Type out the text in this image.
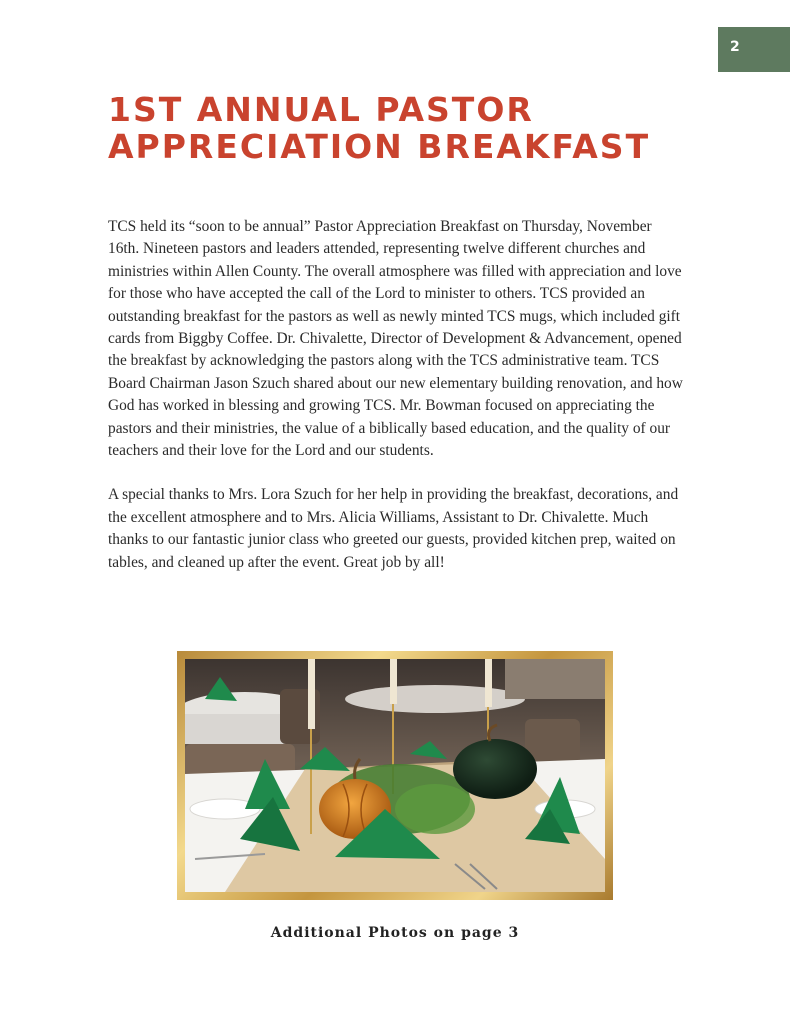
2
1ST ANNUAL PASTOR APPRECIATION BREAKFAST

TCS held its “soon to be annual” Pastor Appreciation Breakfast on Thursday, November 16th. Nineteen pastors and leaders attended, representing twelve different churches and ministries within Allen County. The overall atmosphere was filled with appreciation and love for those who have accepted the call of the Lord to minister to others. TCS provided an outstanding breakfast for the pastors as well as newly minted TCS mugs, which included gift cards from Biggby Coffee. Dr. Chivalette, Director of Development & Advancement, opened the breakfast by acknowledging the pastors along with the TCS administrative team. TCS Board Chairman Jason Szuch shared about our new elementary building renovation, and how God has worked in blessing and growing TCS. Mr. Bowman focused on appreciating the pastors and their ministries, the value of a biblically based education, and the quality of our teachers and their love for the Lord and our students.

A special thanks to Mrs. Lora Szuch for her help in providing the breakfast, decorations, and the excellent atmosphere and to Mrs. Alicia Williams, Assistant to Dr. Chivalette. Much thanks to our fantastic junior class who greeted our guests, provided kitchen prep, waited on tables, and cleaned up after the event. Great job by all!

Additional Photos on page 3
